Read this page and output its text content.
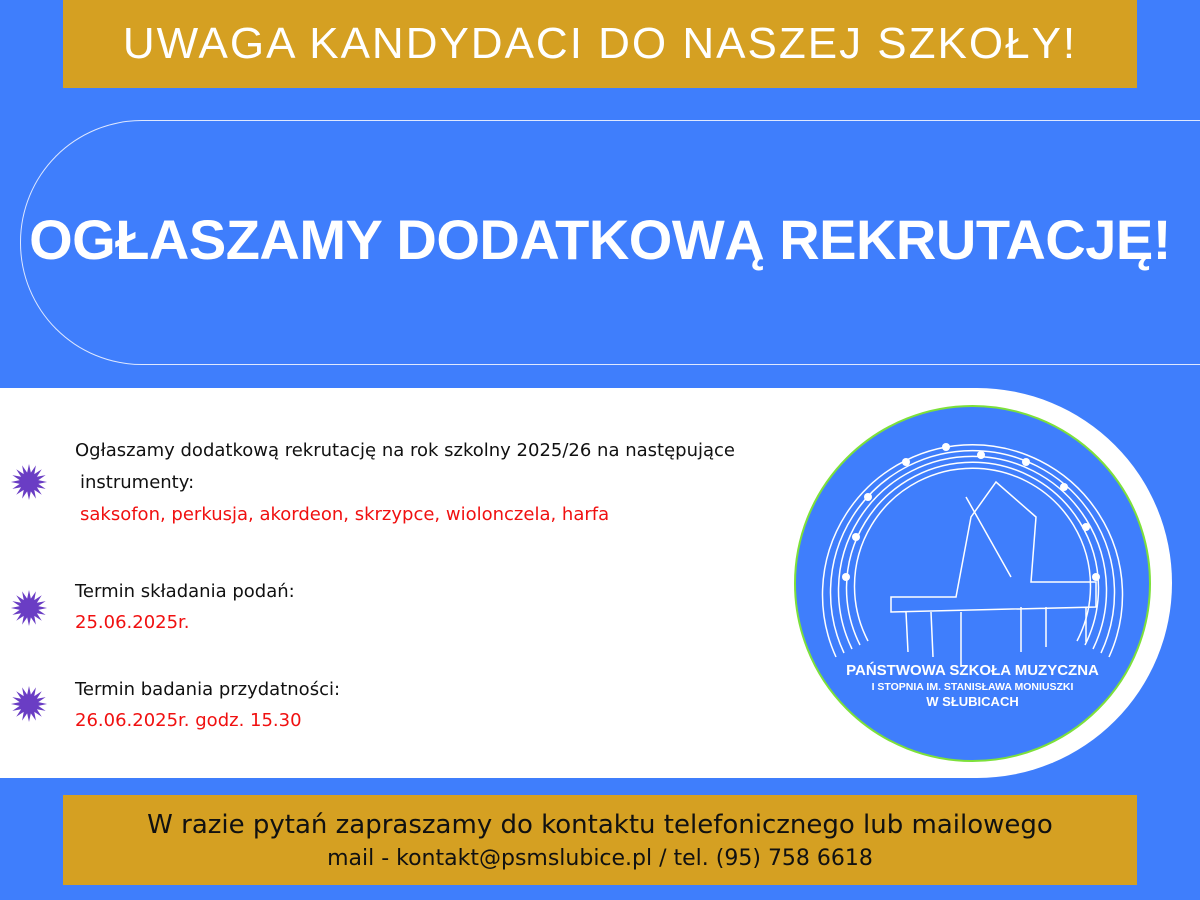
UWAGA KANDYDACI DO NASZEJ SZKOŁY!
OGŁASZAMY DODATKOWĄ REKRUTACJĘ!
Ogłaszamy dodatkową rekrutację na rok szkolny 2025/26 na następujące
instrumenty:
saksofon, perkusja, akordeon, skrzypce, wiolonczela, harfa
Termin składania podań:
25.06.2025r.
Termin badania przydatności:
26.06.2025r. godz. 15.30
PAŃSTWOWA SZKOŁA MUZYCZNA
I STOPNIA IM. STANISŁAWA MONIUSZKI
W SŁUBICACH
W razie pytań zapraszamy do kontaktu telefonicznego lub mailowego
mail - kontakt@psmslubice.pl / tel. (95) 758 6618
